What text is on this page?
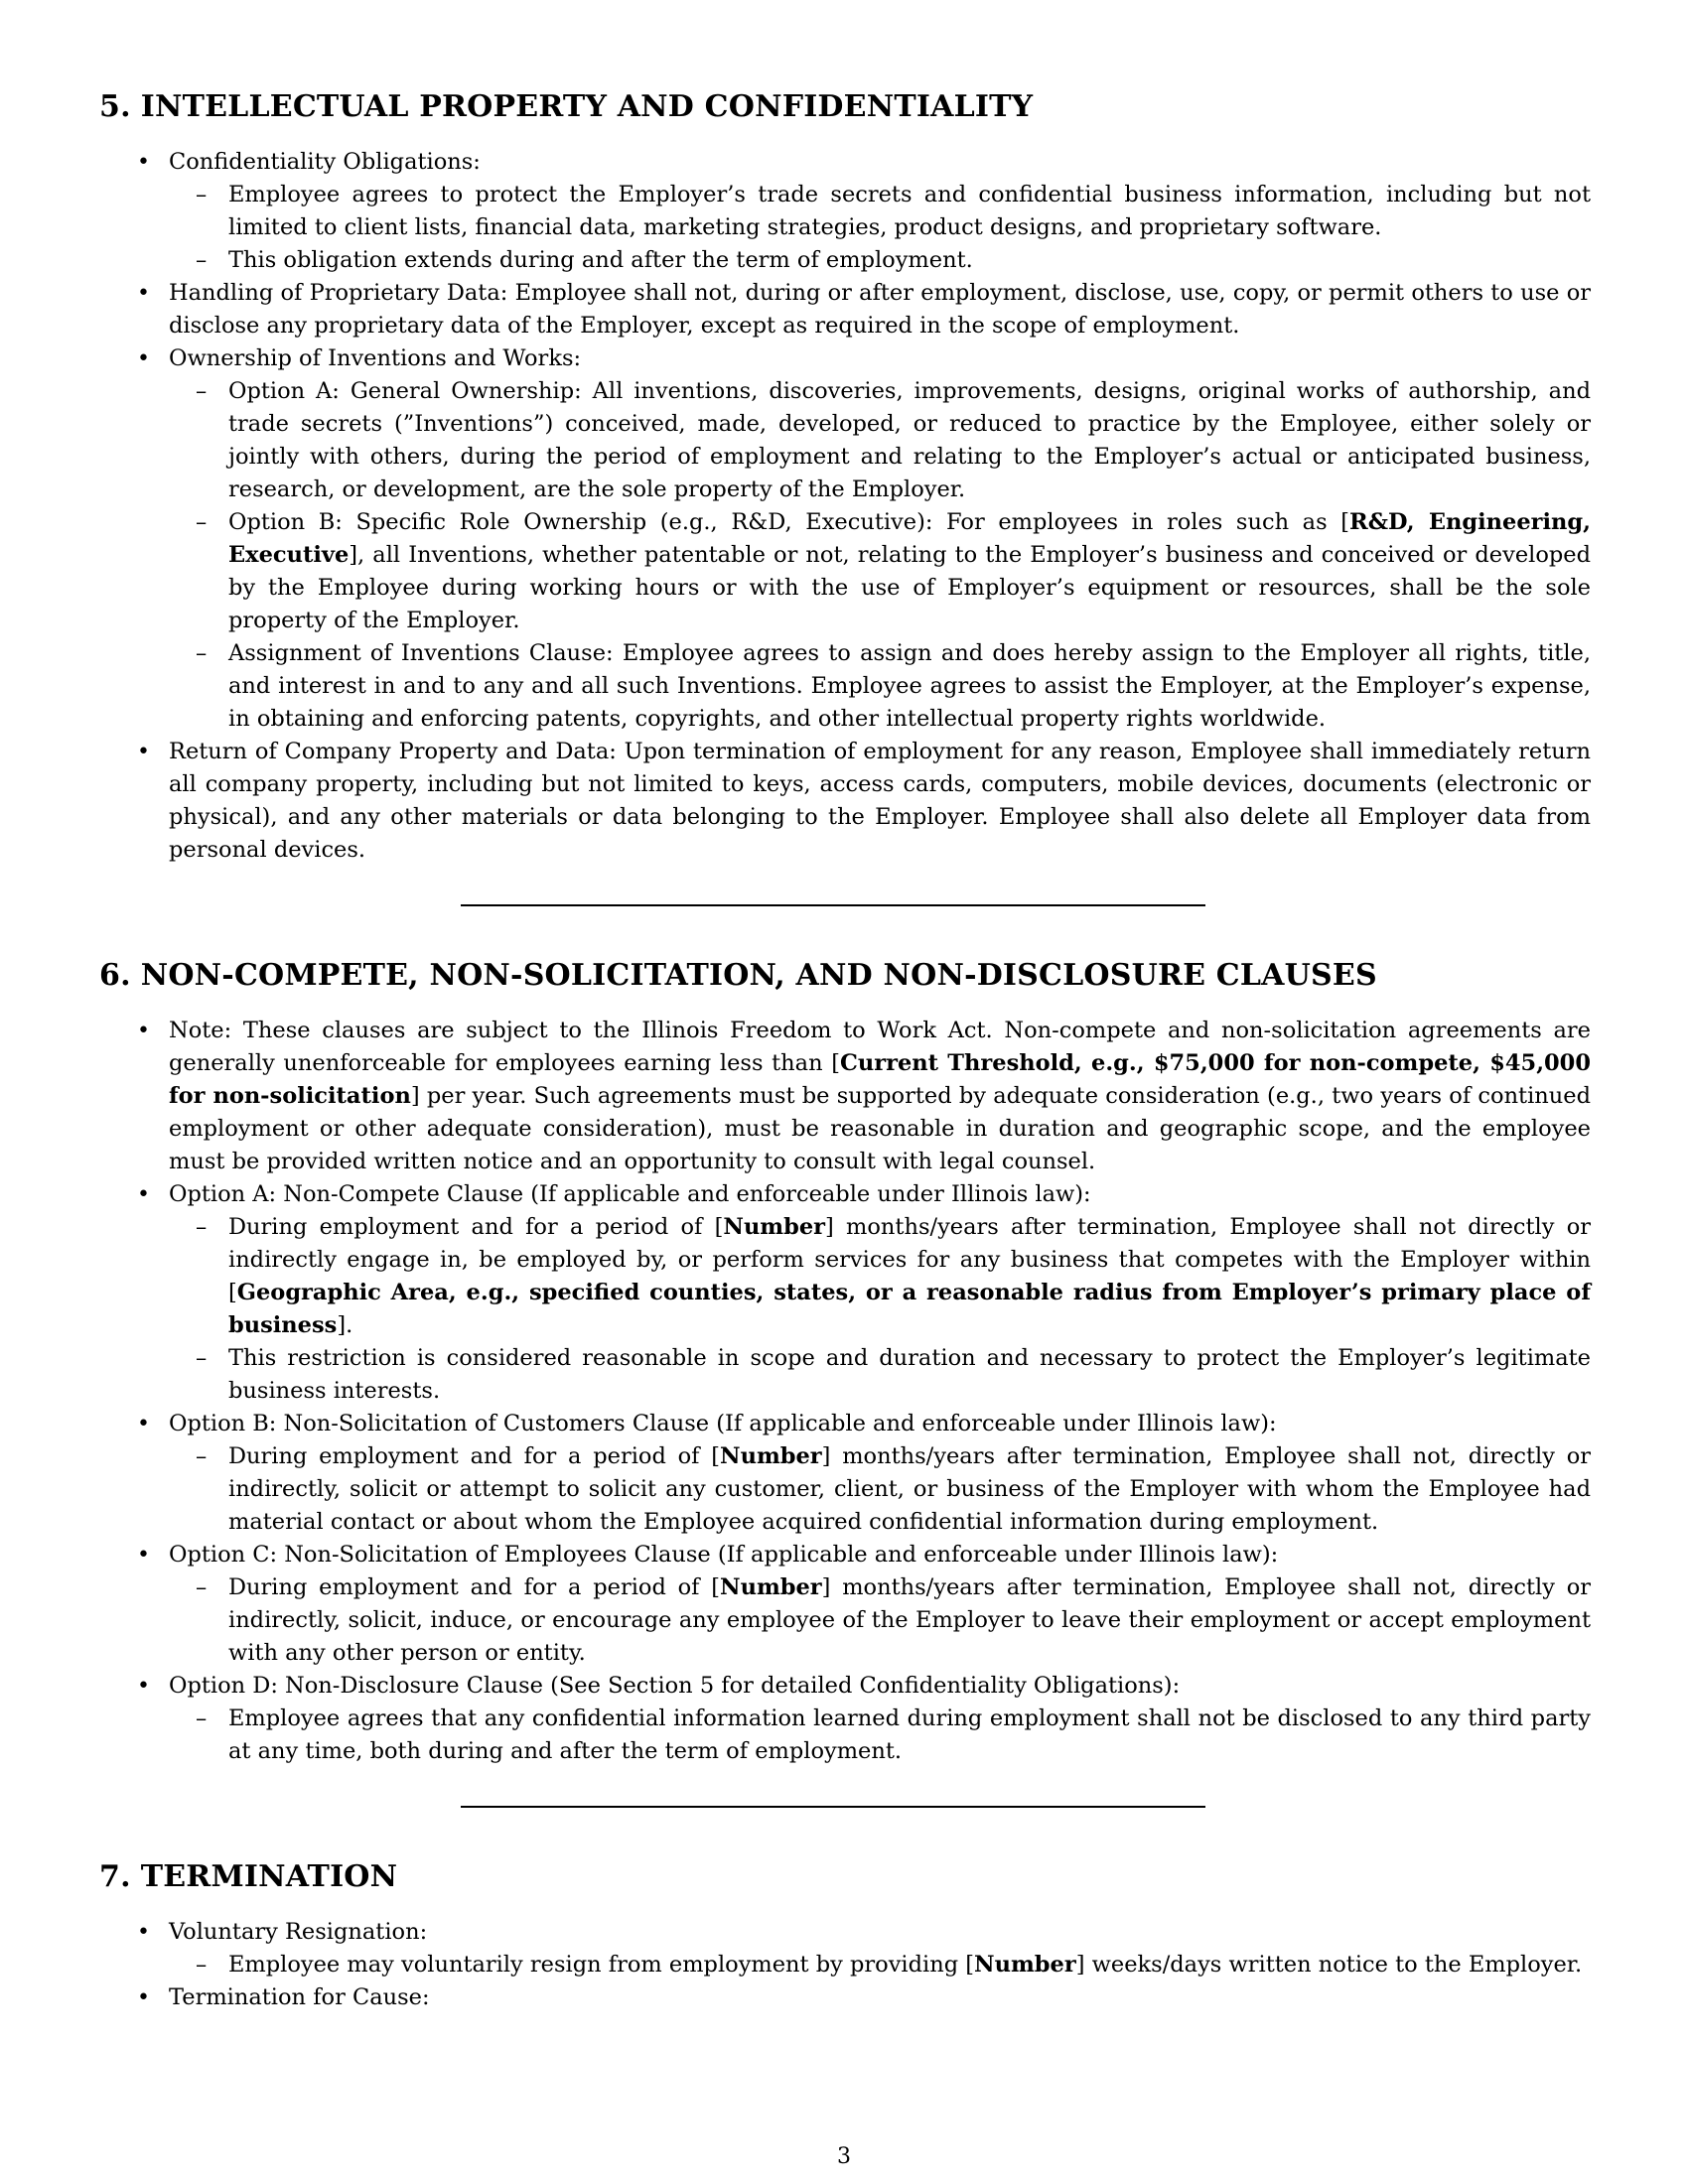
5. INTELLECTUAL PROPERTY AND CONFIDENTIALITY
• Confidentiality Obligations:
– Employee agrees to protect the Employer’s trade secrets and confidential business information, including but not limited to client lists, financial data, marketing strategies, product designs, and proprietary software.
– This obligation extends during and after the term of employment.
• Handling of Proprietary Data: Employee shall not, during or after employment, disclose, use, copy, or permit others to use or disclose any proprietary data of the Employer, except as required in the scope of employment.
• Ownership of Inventions and Works:
– Option A: General Ownership: All inventions, discoveries, improvements, designs, original works of authorship, and trade secrets (”Inventions”) conceived, made, developed, or reduced to practice by the Employee, either solely or jointly with others, during the period of employment and relating to the Employer’s actual or anticipated business, research, or development, are the sole property of the Employer.
– Option B: Specific Role Ownership (e.g., R&D, Executive): For employees in roles such as [R&D, Engineering, Executive], all Inventions, whether patentable or not, relating to the Employer’s business and conceived or developed by the Employee during working hours or with the use of Employer’s equipment or resources, shall be the sole property of the Employer.
– Assignment of Inventions Clause: Employee agrees to assign and does hereby assign to the Employer all rights, title, and interest in and to any and all such Inventions. Employee agrees to assist the Employer, at the Employer’s expense, in obtaining and enforcing patents, copyrights, and other intellectual property rights worldwide.
• Return of Company Property and Data: Upon termination of employment for any reason, Employee shall immediately return all company property, including but not limited to keys, access cards, computers, mobile devices, documents (electronic or physical), and any other materials or data belonging to the Employer. Employee shall also delete all Employer data from personal devices.
6. NON-COMPETE, NON-SOLICITATION, AND NON-DISCLOSURE CLAUSES
• Note: These clauses are subject to the Illinois Freedom to Work Act. Non-compete and non-solicitation agreements are generally unenforceable for employees earning less than [Current Threshold, e.g., $75,000 for non-compete, $45,000 for non-solicitation] per year. Such agreements must be supported by adequate consideration (e.g., two years of continued employment or other adequate consideration), must be reasonable in duration and geographic scope, and the employee must be provided written notice and an opportunity to consult with legal counsel.
• Option A: Non-Compete Clause (If applicable and enforceable under Illinois law):
– During employment and for a period of [Number] months/years after termination, Employee shall not directly or indirectly engage in, be employed by, or perform services for any business that competes with the Employer within [Geographic Area, e.g., specified counties, states, or a reasonable radius from Employer’s primary place of business].
– This restriction is considered reasonable in scope and duration and necessary to protect the Employer’s legitimate business interests.
• Option B: Non-Solicitation of Customers Clause (If applicable and enforceable under Illinois law):
– During employment and for a period of [Number] months/years after termination, Employee shall not, directly or indirectly, solicit or attempt to solicit any customer, client, or business of the Employer with whom the Employee had material contact or about whom the Employee acquired confidential information during employment.
• Option C: Non-Solicitation of Employees Clause (If applicable and enforceable under Illinois law):
– During employment and for a period of [Number] months/years after termination, Employee shall not, directly or indirectly, solicit, induce, or encourage any employee of the Employer to leave their employment or accept employment with any other person or entity.
• Option D: Non-Disclosure Clause (See Section 5 for detailed Confidentiality Obligations):
– Employee agrees that any confidential information learned during employment shall not be disclosed to any third party at any time, both during and after the term of employment.
7. TERMINATION
• Voluntary Resignation:
– Employee may voluntarily resign from employment by providing [Number] weeks/days written notice to the Employer.
• Termination for Cause:
3
